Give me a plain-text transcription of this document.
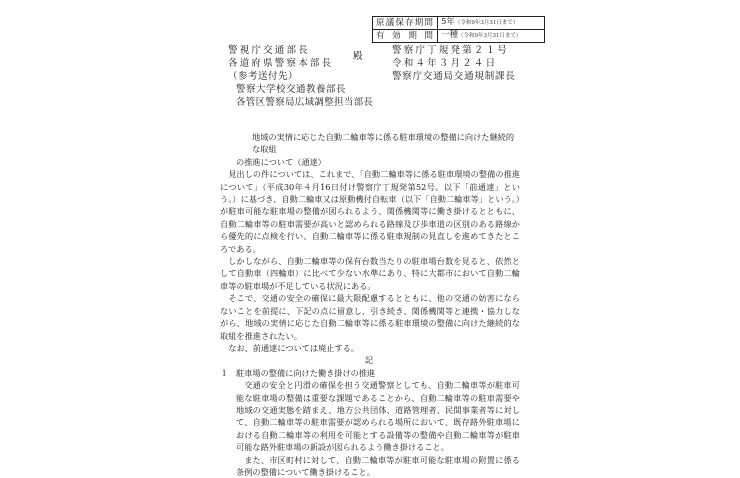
原議保存期間	5年（令和9年3月31日まで）
有効期間	一種（令和9年3月31日まで）
警視庁交通部長
各道府県警察本部長
殿
（参考送付先）
警察大学校交通教養部長
各管区警察局広域調整担当部長
警察庁丁規発第２１号
令和４年３月２４日
警察庁交通局交通規制課長
地域の実情に応じた自動二輪車等に係る駐車環境の整備に向けた継続的な取組
の推進について（通達）
見出しの件については、これまで、「自動二輪車等に係る駐車環境の整備の推進について」（平成30年４月16日付け警察庁丁規発第52号。以下「前通達」という。）に基づき、自動二輪車又は原動機付自転車（以下「自動二輪車等」という。）が駐車可能な駐車場の整備が図られるよう、関係機関等に働き掛けるとともに、自動二輪車等の駐車需要が高いと認められる路線及び歩車道の区別のある路線から優先的に点検を行い、自動二輪車等に係る駐車規制の見直しを進めてきたところである。
しかしながら、自動二輪車等の保有台数当たりの駐車場台数を見ると、依然として自動車（四輪車）に比べて少ない水準にあり、特に大都市において自動二輪車等の駐車場が不足している状況にある。
そこで、交通の安全の確保に最大限配慮するとともに、他の交通の妨害にならないことを前提に、下記の点に留意し、引き続き、関係機関等と連携・協力しながら、地域の実情に応じた自動二輪車等に係る駐車環境の整備に向けた継続的な取組を推進されたい。
なお、前通達については廃止する。
記
１ 駐車場の整備に向けた働き掛けの推進
交通の安全と円滑の確保を担う交通警察としても、自動二輪車等が駐車可能な駐車場の整備は重要な課題であることから、自動二輪車等の駐車需要や地域の交通実態を踏まえ、地方公共団体、道路管理者、民間事業者等に対して、自動二輪車等の駐車需要が認められる場所において、既存路外駐車場における自動二輪車等の利用を可能とする設備等の整備や自動二輪車等が駐車可能な路外駐車場の新設が図られるよう働き掛けること。
また、市区町村に対して、自動二輪車等が駐車可能な駐車場の附置に係る条例の整備について働き掛けること。
